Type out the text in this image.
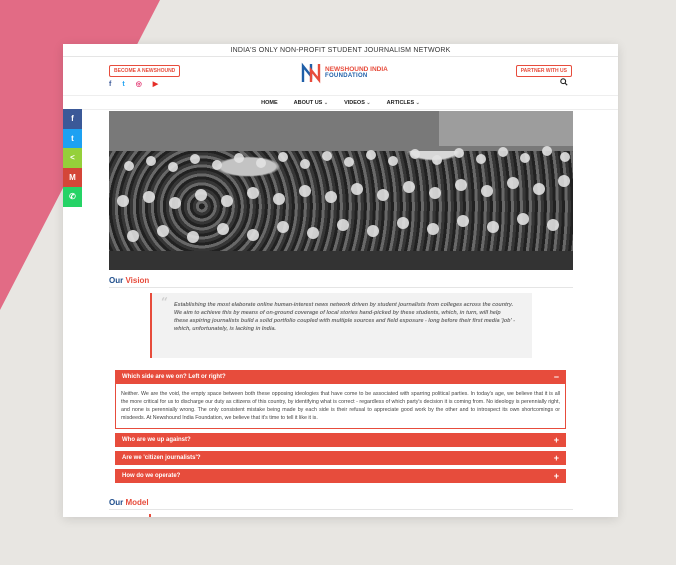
INDIA'S ONLY NON-PROFIT STUDENT JOURNALISM NETWORK
BECOME A NEWSHOUND
f t ◎ ▶
NEWSHOUND INDIA
FOUNDATION
PARTNER WITH US
HOME	ABOUT US ⌄	VIDEOS ⌄	ARTICLES ⌄
Our Vision
“ Establishing the most elaborate online human-interest news network driven by student journalists from colleges across the country. We aim to achieve this by means of on-ground coverage of local stories hand-picked by these students, which, in turn, will help these aspiring journalists build a solid portfolio coupled with multiple sources and field exposure - long before their first media 'job' - which, unfortunately, is lacking in India.
Which side are we on? Left or right?	−
Neither. We are the void, the empty space between both these opposing ideologies that have come to be associated with sparring political parties. In today's age, we believe that it is all the more critical for us to discharge our duty as citizens of this country, by identifying what is correct - regardless of which party's decision it is coming from. No ideology is perennially right, and none is perennially wrong. The only consistent mistake being made by each side is their refusal to appreciate good work by the other and to introspect its own shortcomings or misdeeds. At Newshound India Foundation, we believe that it's time to tell it like it is.
Who are we up against?	+
Are we 'citizen journalists'?	+
How do we operate?	+
Our Model
f
t
<
M
✆
